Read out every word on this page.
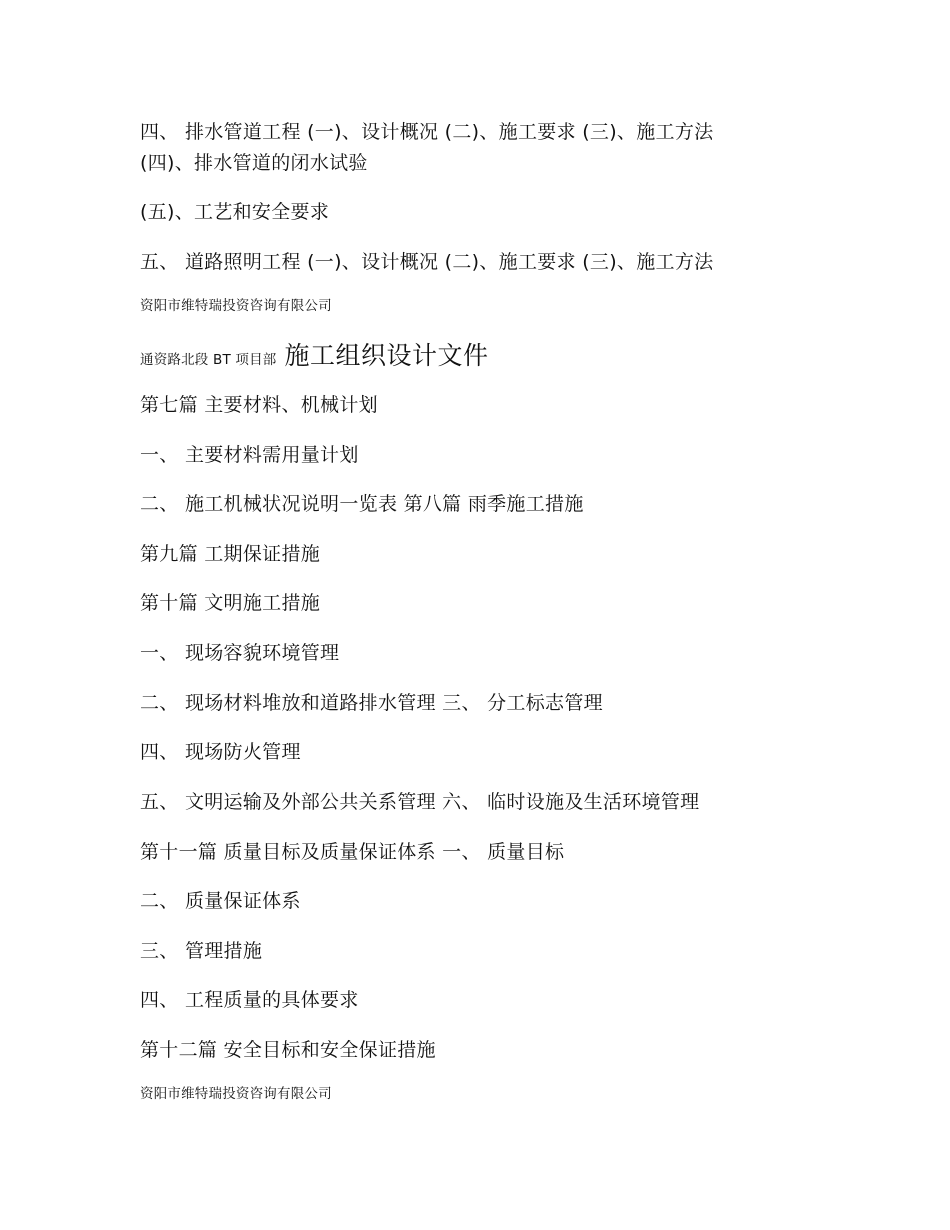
四、 排水管道工程 (一)、设计概况 (二)、施工要求 (三)、施工方法
(四)、排水管道的闭水试验
(五)、工艺和安全要求
五、 道路照明工程 (一)、设计概况 (二)、施工要求 (三)、施工方法
资阳市维特瑞投资咨询有限公司
通资路北段 BT 项目部 施工组织设计文件
第七篇 主要材料、机械计划
一、 主要材料需用量计划
二、 施工机械状况说明一览表 第八篇 雨季施工措施
第九篇 工期保证措施
第十篇 文明施工措施
一、 现场容貌环境管理
二、 现场材料堆放和道路排水管理 三、 分工标志管理
四、 现场防火管理
五、 文明运输及外部公共关系管理 六、 临时设施及生活环境管理
第十一篇 质量目标及质量保证体系 一、 质量目标
二、 质量保证体系
三、 管理措施
四、 工程质量的具体要求
第十二篇 安全目标和安全保证措施
资阳市维特瑞投资咨询有限公司
